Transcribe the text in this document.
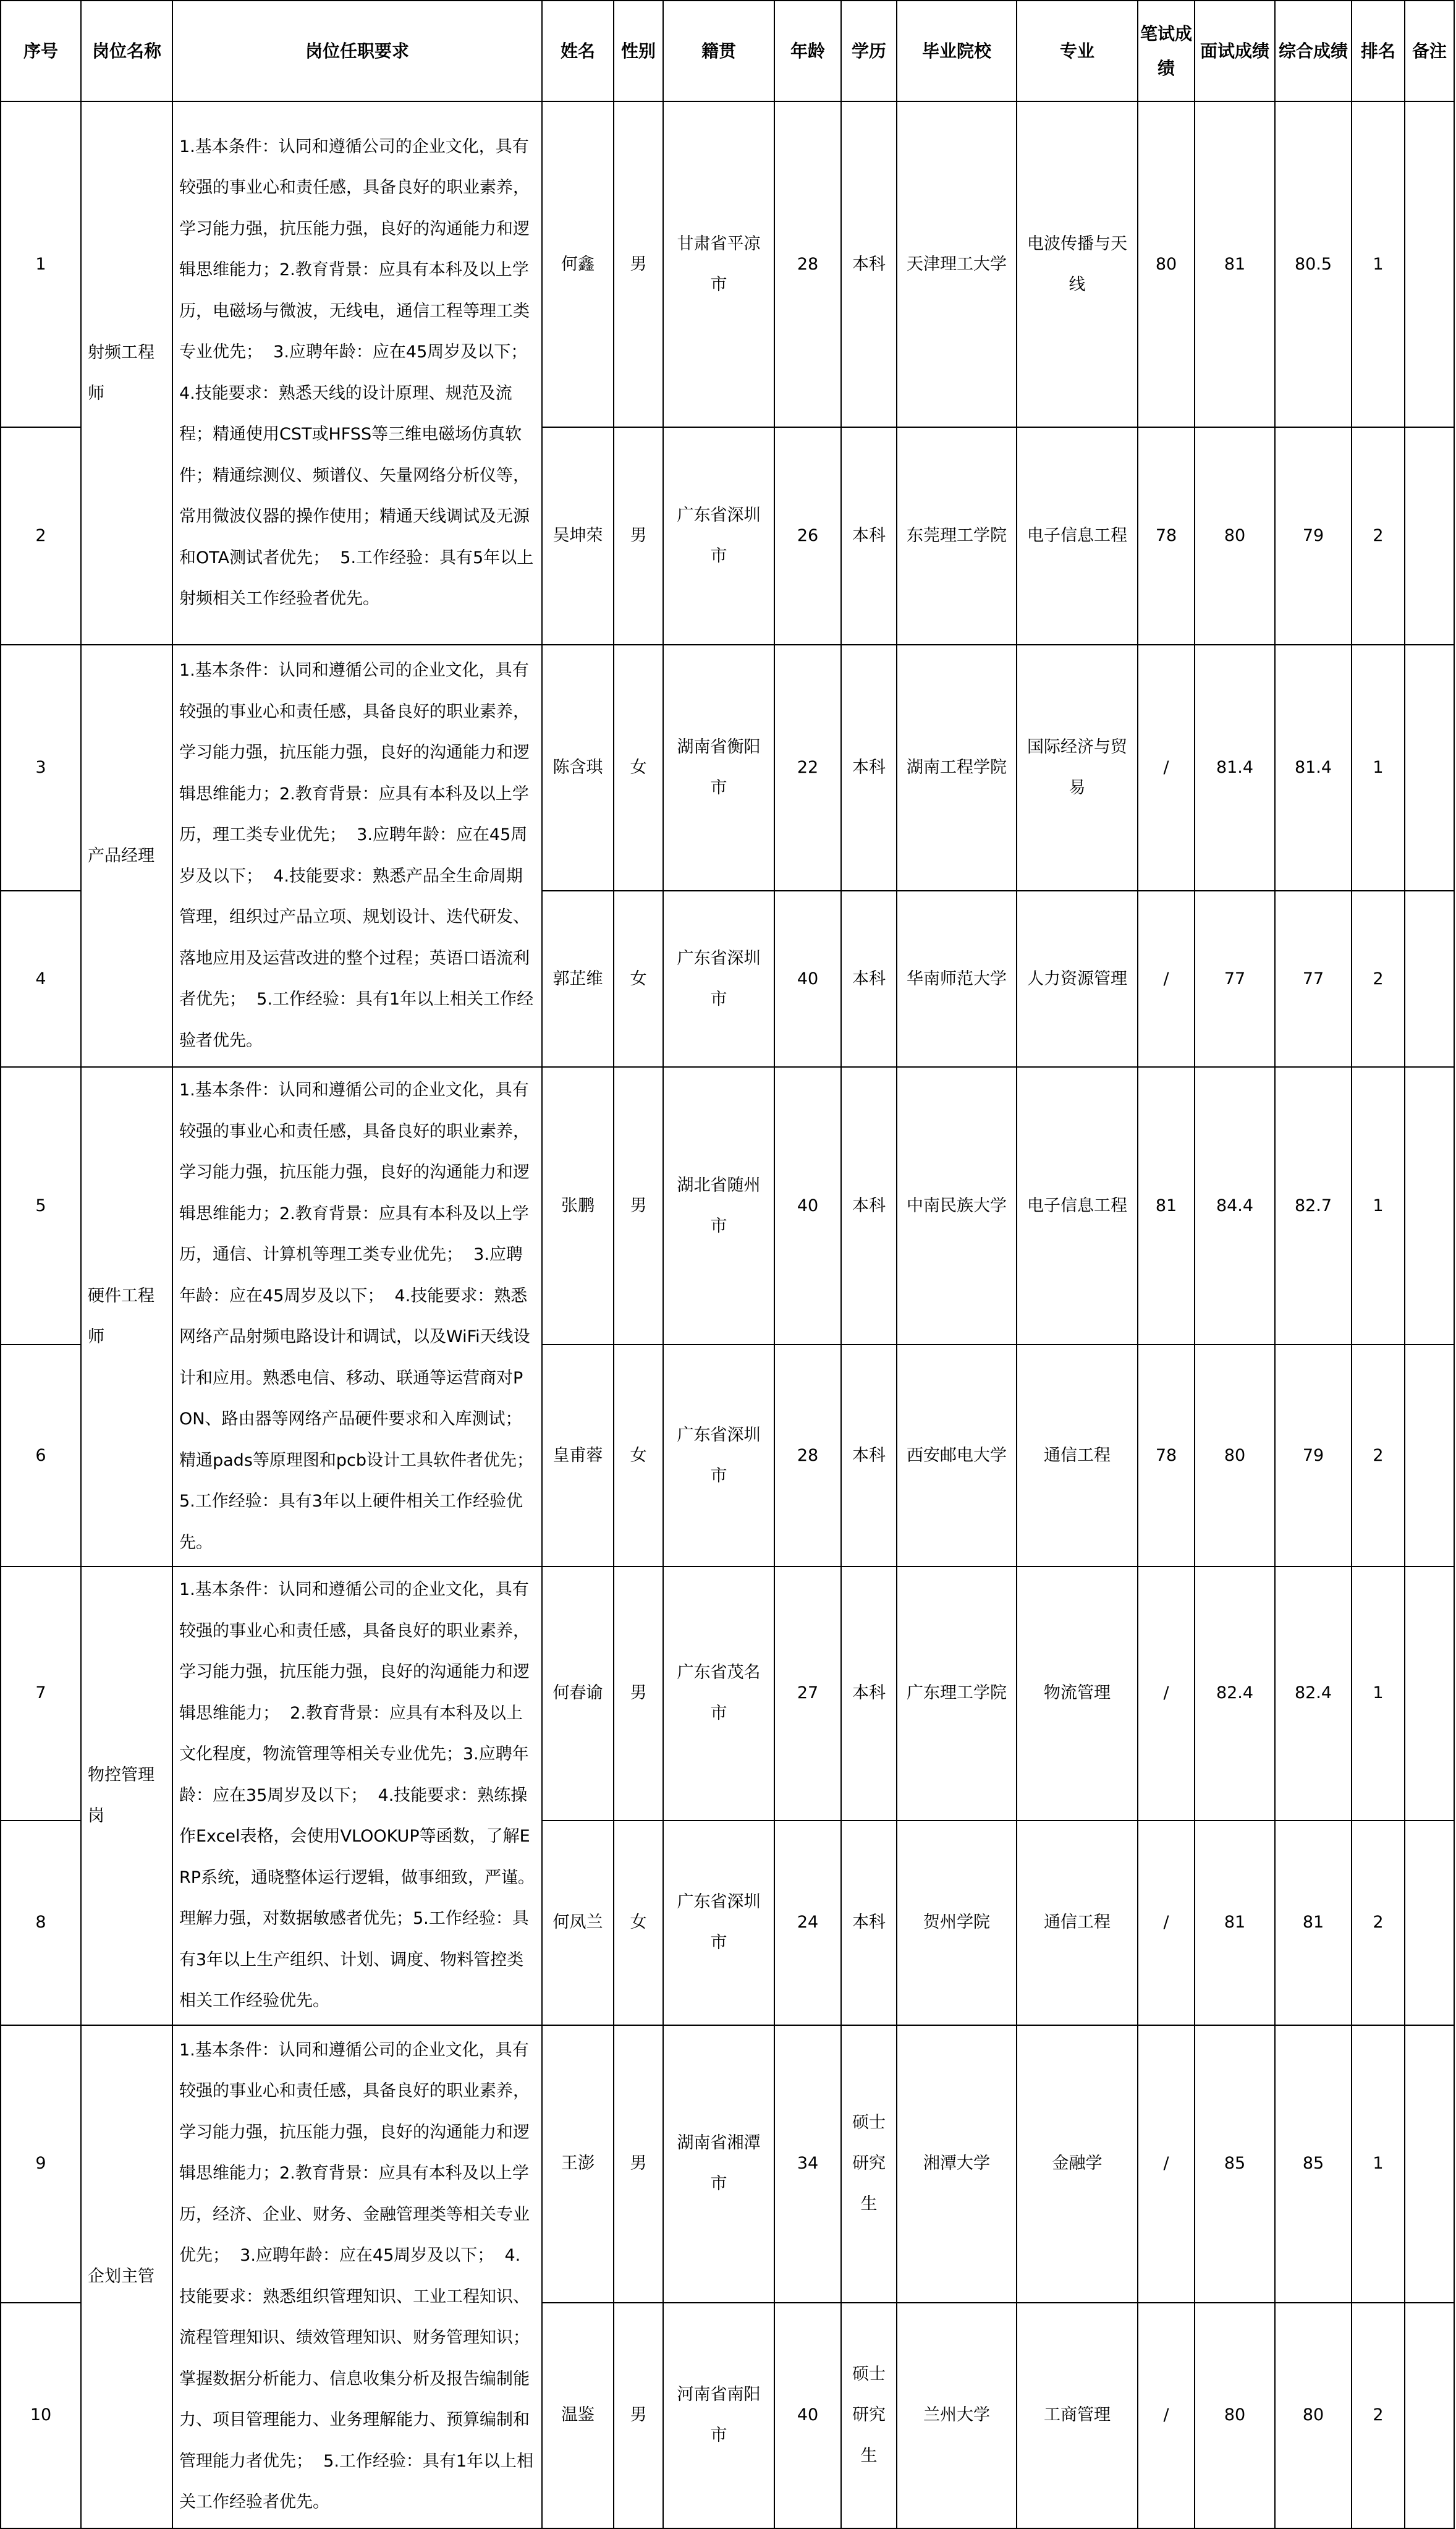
序号	岗位名称	岗位任职要求	姓名	性别	籍贯	年龄	学历	毕业院校	专业	笔试成绩	面试成绩	综合成绩	排名	备注
1	射频工程师	1.基本条件：认同和遵循公司的企业文化，具有较强的事业心和责任感，具备良好的职业素养，学习能力强，抗压能力强，良好的沟通能力和逻辑思维能力；2.教育背景：应具有本科及以上学历，电磁场与微波，无线电，通信工程等理工类专业优先；  3.应聘年龄：应在45周岁及以下；  4.技能要求：熟悉天线的设计原理、规范及流程；精通使用CST或HFSS等三维电磁场仿真软件；精通综测仪、频谱仪、矢量网络分析仪等，常用微波仪器的操作使用；精通天线调试及无源和OTA测试者优先；  5.工作经验：具有5年以上射频相关工作经验者优先。	何鑫	男	甘肃省平凉市	28	本科	天津理工大学	电波传播与天线	80	81	80.5	1	
2			吴坤荣	男	广东省深圳市	26	本科	东莞理工学院	电子信息工程	78	80	79	2	
3	产品经理	1.基本条件：认同和遵循公司的企业文化，具有较强的事业心和责任感，具备良好的职业素养，学习能力强，抗压能力强，良好的沟通能力和逻辑思维能力；2.教育背景：应具有本科及以上学历，理工类专业优先；  3.应聘年龄：应在45周岁及以下；  4.技能要求：熟悉产品全生命周期管理，组织过产品立项、规划设计、迭代研发、落地应用及运营改进的整个过程；英语口语流利者优先；  5.工作经验：具有1年以上相关工作经验者优先。	陈含琪	女	湖南省衡阳市	22	本科	湖南工程学院	国际经济与贸易	/	81.4	81.4	1	
4			郭芷维	女	广东省深圳市	40	本科	华南师范大学	人力资源管理	/	77	77	2	
5	硬件工程师	1.基本条件：认同和遵循公司的企业文化，具有较强的事业心和责任感，具备良好的职业素养，学习能力强，抗压能力强，良好的沟通能力和逻辑思维能力；2.教育背景：应具有本科及以上学历，通信、计算机等理工类专业优先；  3.应聘年龄：应在45周岁及以下；  4.技能要求：熟悉网络产品射频电路设计和调试，以及WiFi天线设计和应用。熟悉电信、移动、联通等运营商对PON、路由器等网络产品硬件要求和入库测试；精通pads等原理图和pcb设计工具软件者优先；  5.工作经验：具有3年以上硬件相关工作经验优先。	张鹏	男	湖北省随州市	40	本科	中南民族大学	电子信息工程	81	84.4	82.7	1	
6			皇甫蓉	女	广东省深圳市	28	本科	西安邮电大学	通信工程	78	80	79	2	
7	物控管理岗	1.基本条件：认同和遵循公司的企业文化，具有较强的事业心和责任感，具备良好的职业素养，学习能力强，抗压能力强，良好的沟通能力和逻辑思维能力；  2.教育背景：应具有本科及以上文化程度，物流管理等相关专业优先；3.应聘年龄：应在35周岁及以下；  4.技能要求：熟练操作Excel表格，会使用VLOOKUP等函数，了解ERP系统，通晓整体运行逻辑，做事细致，严谨。理解力强，对数据敏感者优先；5.工作经验：具有3年以上生产组织、计划、调度、物料管控类相关工作经验优先。	何春谕	男	广东省茂名市	27	本科	广东理工学院	物流管理	/	82.4	82.4	1	
8			何凤兰	女	广东省深圳市	24	本科	贺州学院	通信工程	/	81	81	2	
9	企划主管	1.基本条件：认同和遵循公司的企业文化，具有较强的事业心和责任感，具备良好的职业素养，学习能力强，抗压能力强，良好的沟通能力和逻辑思维能力；2.教育背景：应具有本科及以上学历，经济、企业、财务、金融管理类等相关专业优先；  3.应聘年龄：应在45周岁及以下；  4.技能要求：熟悉组织管理知识、工业工程知识、流程管理知识、绩效管理知识、财务管理知识；掌握数据分析能力、信息收集分析及报告编制能力、项目管理能力、业务理解能力、预算编制和管理能力者优先；  5.工作经验：具有1年以上相关工作经验者优先。	王澎	男	湖南省湘潭市	34	硕士研究生	湘潭大学	金融学	/	85	85	1	
10			温鉴	男	河南省南阳市	40	硕士研究生	兰州大学	工商管理	/	80	80	2	
